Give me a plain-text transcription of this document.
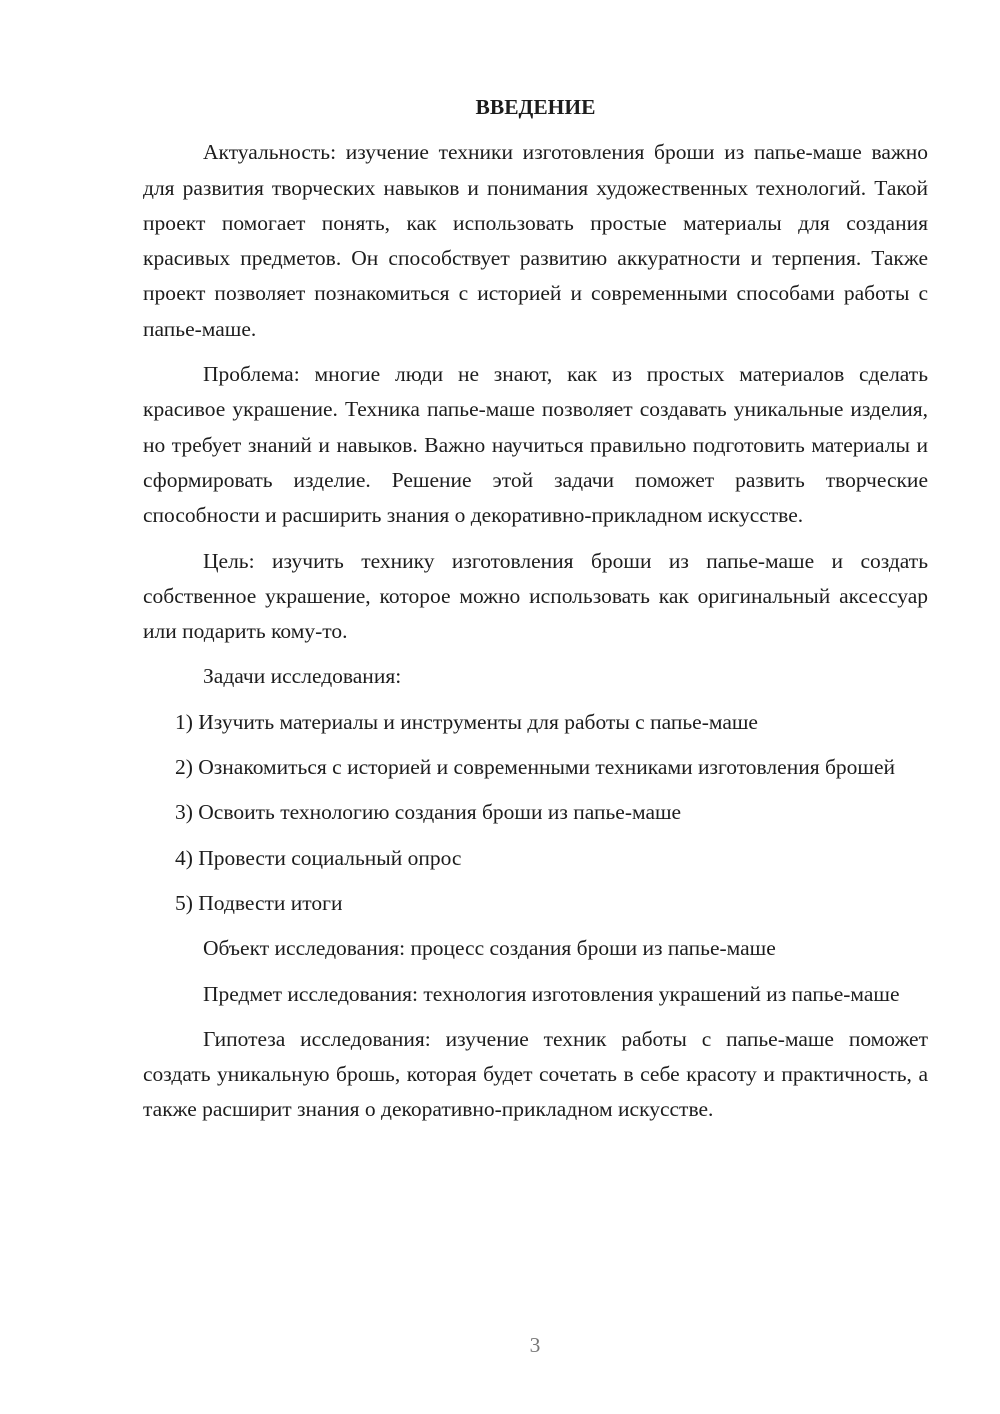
ВВЕДЕНИЕ

Актуальность: изучение техники изготовления броши из папье-маше важно для развития творческих навыков и понимания художественных технологий. Такой проект помогает понять, как использовать простые материалы для создания красивых предметов. Он способствует развитию аккуратности и терпения. Также проект позволяет познакомиться с историей и современными способами работы с папье-маше.

Проблема: многие люди не знают, как из простых материалов сделать красивое украшение. Техника папье-маше позволяет создавать уникальные изделия, но требует знаний и навыков. Важно научиться правильно подготовить материалы и сформировать изделие. Решение этой задачи поможет развить творческие способности и расширить знания о декоративно-прикладном искусстве.

Цель: изучить технику изготовления броши из папье-маше и создать собственное украшение, которое можно использовать как оригинальный аксессуар или подарить кому-то.

Задачи исследования:

1) Изучить материалы и инструменты для работы с папье-маше

2) Ознакомиться с историей и современными техниками изготовления брошей

3) Освоить технологию создания броши из папье-маше

4) Провести социальный опрос

5) Подвести итоги

Объект исследования: процесс создания броши из папье-маше

Предмет исследования: технология изготовления украшений из папье-маше

Гипотеза исследования: изучение техник работы с папье-маше поможет создать уникальную брошь, которая будет сочетать в себе красоту и практичность, а также расширит знания о декоративно-прикладном искусстве.

3
